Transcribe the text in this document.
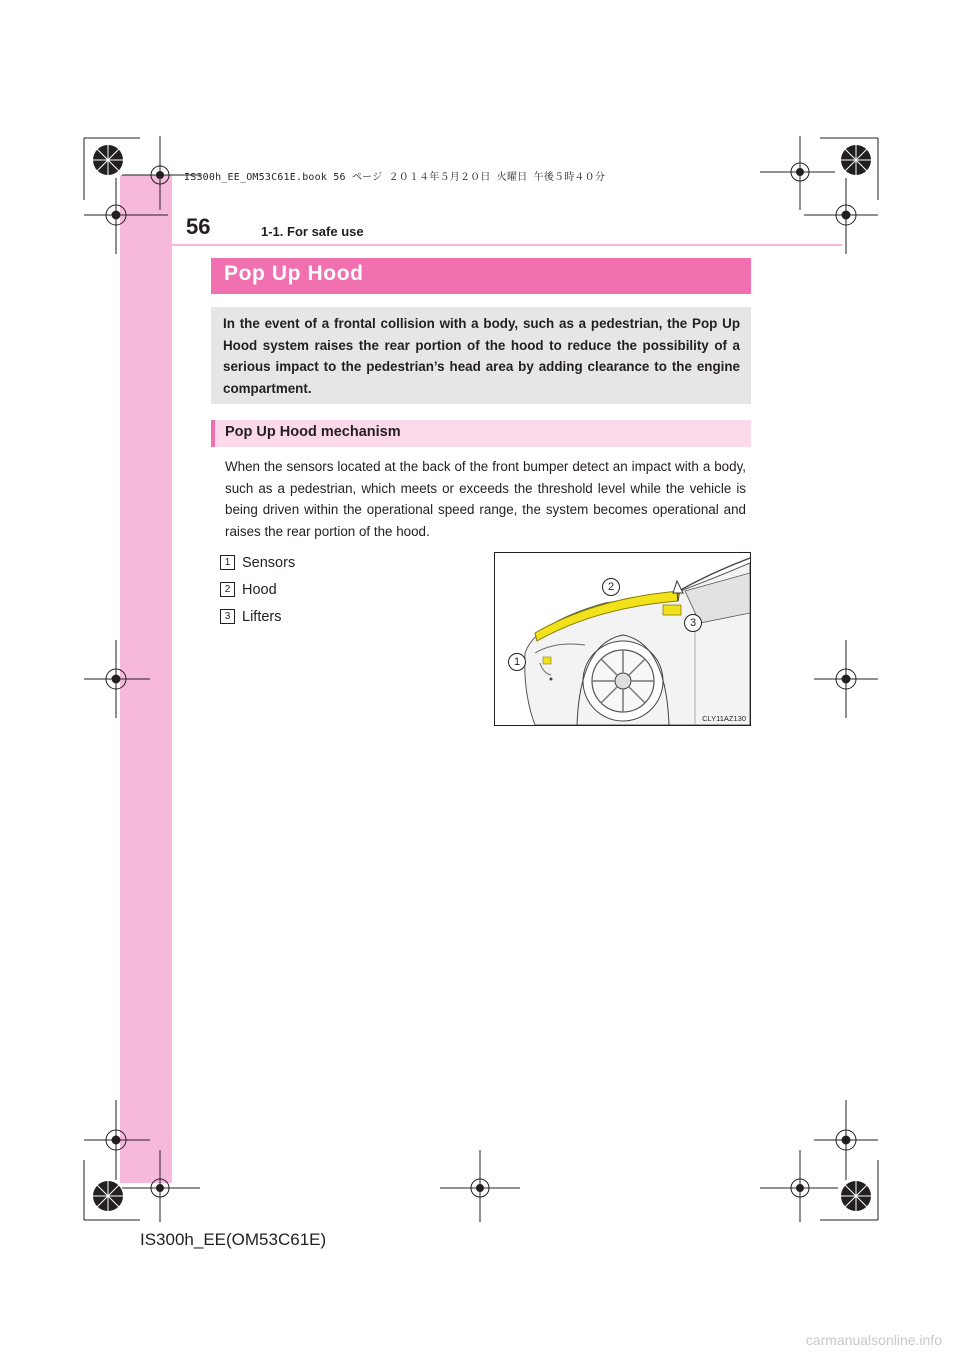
IS300h_EE_OM53C61E.book 56 ページ ２０１４年５月２０日 火曜日 午後５時４０分
56	1-1. For safe use
Pop Up Hood
In the event of a frontal collision with a body, such as a pedestrian, the Pop Up Hood system raises the rear portion of the hood to reduce the possibility of a serious impact to the pedestrian’s head area by adding clearance to the engine compartment.
Pop Up Hood mechanism
When the sensors located at the back of the front bumper detect an impact with a body, such as a pedestrian, which meets or exceeds the threshold level while the vehicle is being driven within the operational speed range, the system becomes operational and raises the rear portion of the hood.
1 Sensors
2 Hood
3 Lifters
1
2
3
CLY11AZ130
IS300h_EE(OM53C61E)
carmanualsonline.info
